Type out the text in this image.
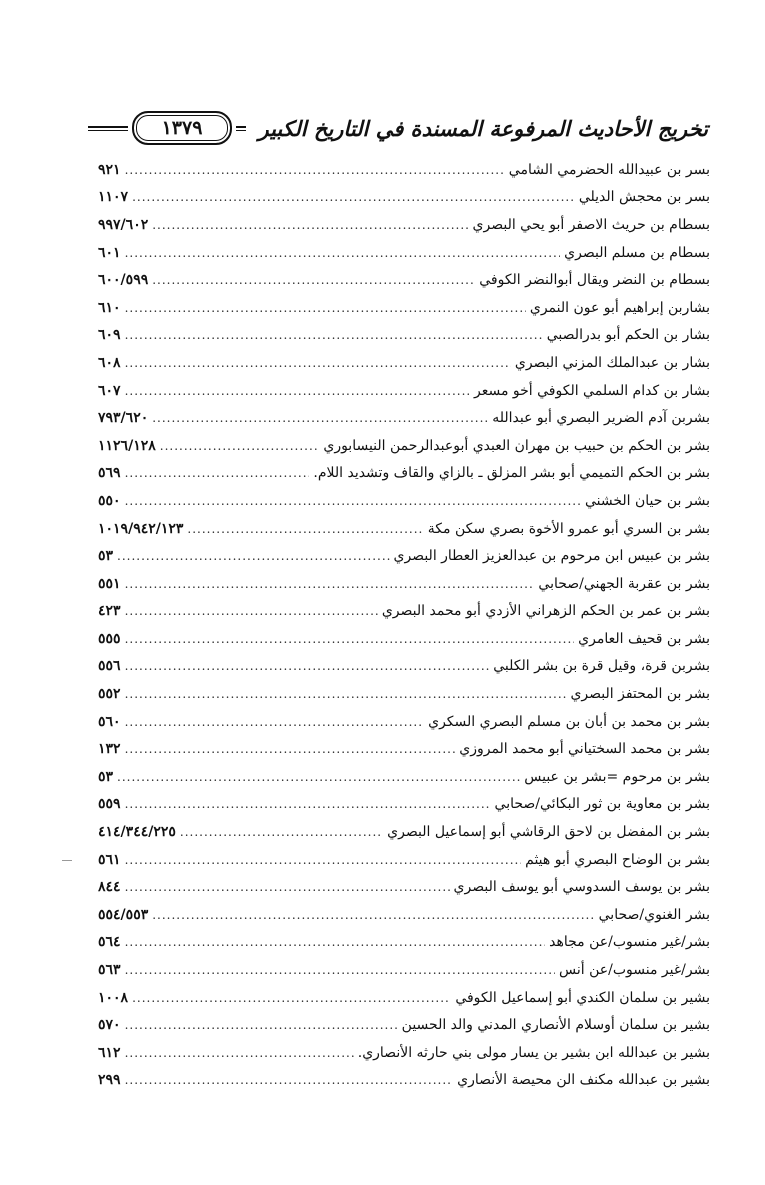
تخريج الأحاديث المرفوعة المسندة في التاريخ الكبير
١٣٧٩
بسر بن عبيدالله الحضرمي الشامي
.....
٩٢١
بسر بن محجش الديلي
.....
١١٠٧
بسطام بن حريث الاصفر أبو يحي البصري
.....
٩٩٧/٦٠٢
بسطام بن مسلم البصري
.....
٦٠١
بسطام بن النضر ويقال أبوالنضر الكوفي
.....
٦٠٠/٥٩٩
بشاربن إبراهيم أبو عون النمري
.....
٦١٠
بشار بن الحكم أبو بدرالصبي
.....
٦٠٩
بشار بن عبدالملك المزني البصري
.....
٦٠٨
بشار بن كدام السلمي الكوفي أخو مسعر
.....
٦٠٧
بشربن آدم الضرير البصري أبو عبدالله
.....
٧٩٣/٦٢٠
بشر بن الحكم بن حبيب بن مهران العبدي أبوعبدالرحمن النيسابوري
.....
١١٢٦/١٢٨
بشر بن الحكم التميمي أبو بشر المزلق ـ بالزاي والقاف وتشديد اللام.
.....
٥٦٩
بشر بن حيان الخشني
.....
٥٥٠
بشر بن السري أبو عمرو الأخوة بصري سكن مكة
.....
١٠١٩/٩٤٢/١٢٣
بشر بن عبيس ابن مرحوم بن عبدالعزيز العطار البصري
.....
٥٣
بشر بن عقربة الجهني/صحابي
.....
٥٥١
بشر بن عمر بن الحكم الزهراني الأزدي أبو محمد البصري
.....
٤٢٣
بشر بن قحيف العامري
.....
٥٥٥
بشربن قرة، وقيل قرة بن بشر الكلبي
.....
٥٥٦
بشر بن المحتفز البصري
.....
٥٥٢
بشر بن محمد بن أبان بن مسلم البصري السكري
.....
٥٦٠
بشر بن محمد السختياني أبو محمد المروزي
.....
١٣٢
بشر بن مرحوم =بشر بن عبيس
.....
٥٣
بشر بن معاوية بن ثور البكائي/صحابي
.....
٥٥٩
بشر بن المفضل بن لاحق الرقاشي أبو إسماعيل البصري
.....
٤١٤/٣٤٤/٢٢٥
بشر بن الوضاح البصري أبو هيثم
.....
٥٦١
بشر بن يوسف السدوسي أبو يوسف البصري
.....
٨٤٤
بشر الغنوي/صحابي
.....
٥٥٤/٥٥٣
بشر/غير منسوب/عن مجاهد
.....
٥٦٤
بشر/غير منسوب/عن أنس
.....
٥٦٣
بشير بن سلمان الكندي أبو إسماعيل الكوفي
.....
١٠٠٨
بشير بن سلمان أوسلام الأنصاري المدني والد الحسين
.....
٥٧٠
بشير بن عبدالله ابن بشير بن يسار مولى بني حارثه الأنصاري.
.....
٦١٢
بشير بن عبدالله مكنف الن محيصة الأنصاري
.....
٢٩٩
